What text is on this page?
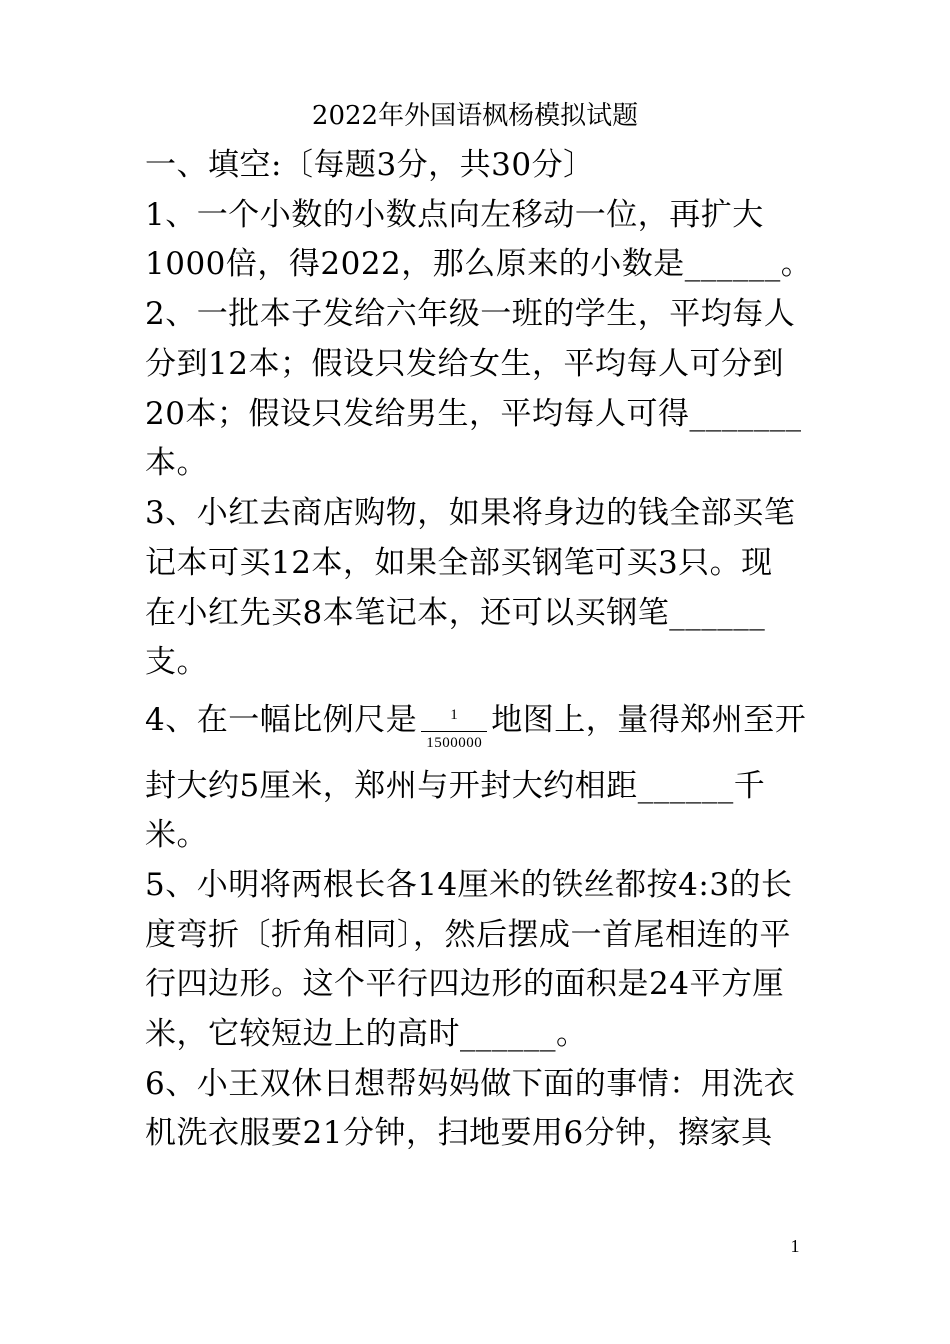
2022年外国语枫杨模拟试题
一、填空:〔每题3分，共30分〕
1、一个小数的小数点向左移动一位，再扩大
1000倍，得2022，那么原来的小数是______。
2、一批本子发给六年级一班的学生，平均每人
分到12本；假设只发给女生，平均每人可分到
20本；假设只发给男生，平均每人可得_______
本。
3、小红去商店购物，如果将身边的钱全部买笔
记本可买12本，如果全部买钢笔可买3只。现
在小红先买8本笔记本，还可以买钢笔______
支。
4、在一幅比例尺是 $\frac{1}{1500000}$ 地图上，量得郑州至开
封大约5厘米，郑州与开封大约相距______千
米。
5、小明将两根长各14厘米的铁丝都按4:3的长
度弯折〔折角相同〕，然后摆成一首尾相连的平
行四边形。这个平行四边形的面积是24平方厘
米，它较短边上的高时______。
6、小王双休日想帮妈妈做下面的事情：用洗衣
机洗衣服要21分钟，扫地要用6分钟，擦家具
1
